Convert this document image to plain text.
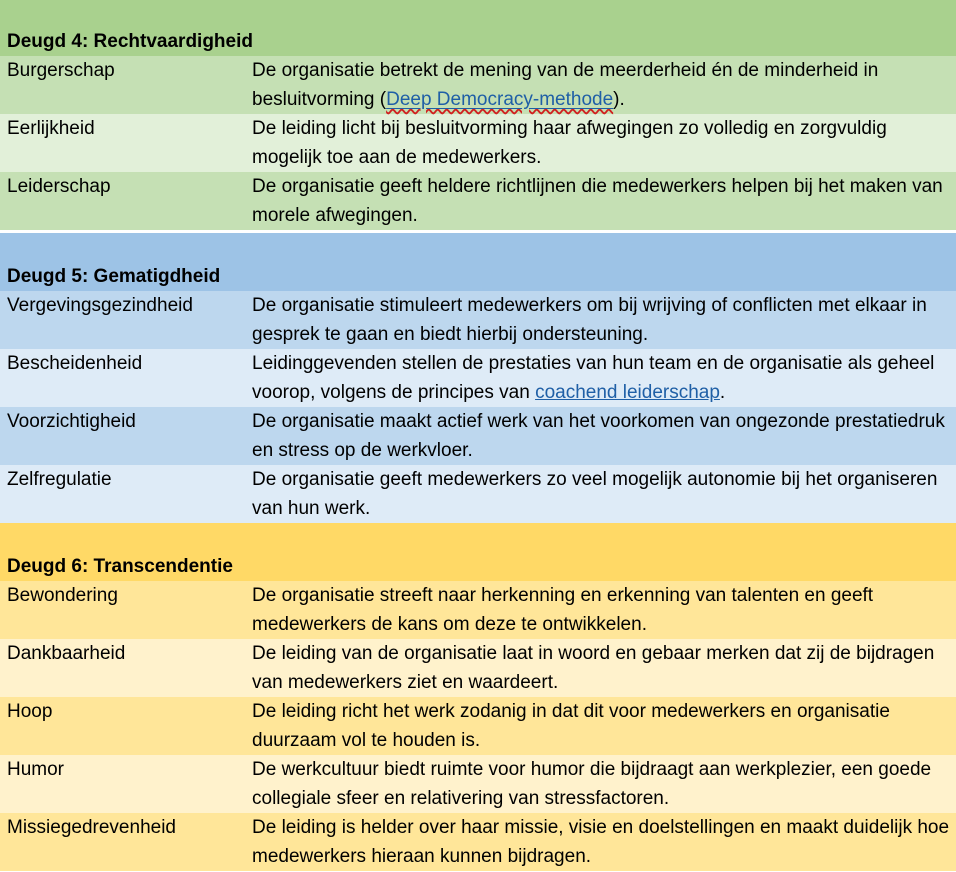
Deugd 4: Rechtvaardigheid
Burgerschap	De organisatie betrekt de mening van de meerderheid én de minderheid in besluitvorming (Deep Democracy-methode).
Eerlijkheid	De leiding licht bij besluitvorming haar afwegingen zo volledig en zorgvuldig mogelijk toe aan de medewerkers.
Leiderschap	De organisatie geeft heldere richtlijnen die medewerkers helpen bij het maken van morele afwegingen.
Deugd 5: Gematigdheid
Vergevingsgezindheid	De organisatie stimuleert medewerkers om bij wrijving of conflicten met elkaar in gesprek te gaan en biedt hierbij ondersteuning.
Bescheidenheid	Leidinggevenden stellen de prestaties van hun team en de organisatie als geheel voorop, volgens de principes van coachend leiderschap.
Voorzichtigheid	De organisatie maakt actief werk van het voorkomen van ongezonde prestatiedruk en stress op de werkvloer.
Zelfregulatie	De organisatie geeft medewerkers zo veel mogelijk autonomie bij het organiseren van hun werk.
Deugd 6: Transcendentie
Bewondering	De organisatie streeft naar herkenning en erkenning van talenten en geeft medewerkers de kans om deze te ontwikkelen.
Dankbaarheid	De leiding van de organisatie laat in woord en gebaar merken dat zij de bijdragen van medewerkers ziet en waardeert.
Hoop	De leiding richt het werk zodanig in dat dit voor medewerkers en organisatie duurzaam vol te houden is.
Humor	De werkcultuur biedt ruimte voor humor die bijdraagt aan werkplezier, een goede collegiale sfeer en relativering van stressfactoren.
Missiegedrevenheid	De leiding is helder over haar missie, visie en doelstellingen en maakt duidelijk hoe medewerkers hieraan kunnen bijdragen.
